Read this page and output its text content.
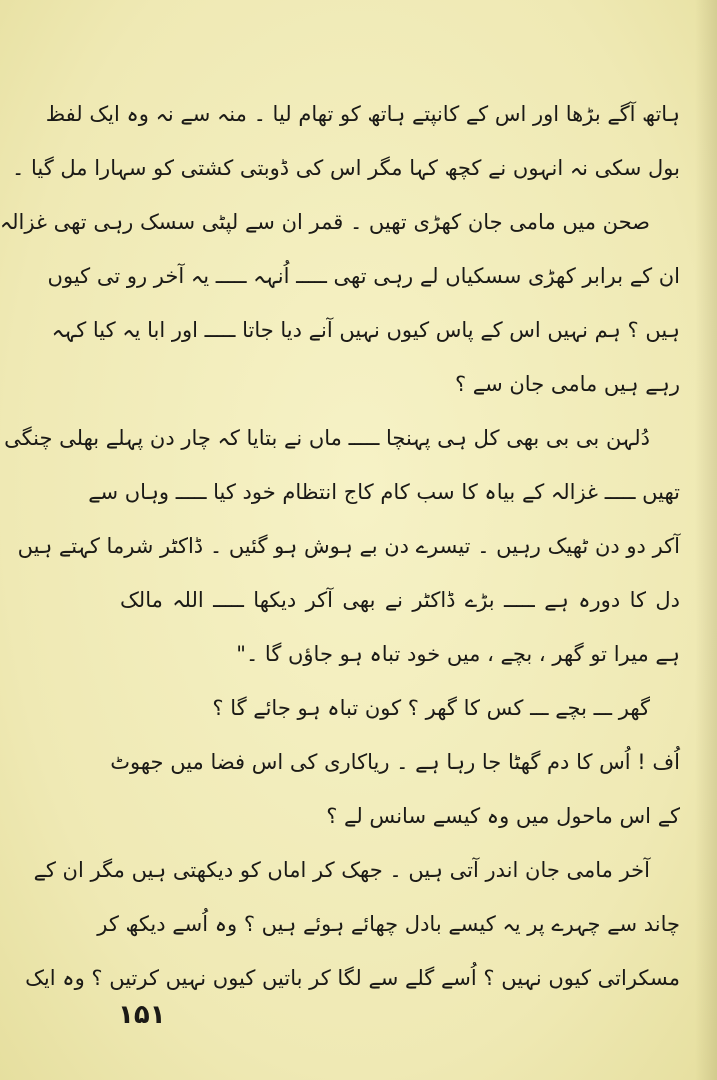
ہاتھ آگے بڑھا اور اس کے کانپتے ہاتھ کو تھام لیا ۔ منہ سے نہ وہ ایک لفظ
بول سکی نہ انہوں نے کچھ کہا مگر اس کی ڈوبتی کشتی کو سہارا مل گیا ۔
صحن میں مامی جان کھڑی تھیں ۔ قمر ان سے لپٹی سسک رہی تھی غزالہ
ان کے برابر کھڑی سسکیاں لے رہی تھی ـــــ اُنہہ ـــــ یہ آخر رو تی کیوں
ہیں ؟ ہم نہیں اس کے پاس کیوں نہیں آنے دیا جاتا ـــــ اور ابا یہ کیا کہہ
رہے ہیں مامی جان سے ؟
دُلہن بی بی بھی کل ہی پہنچا ـــــ ماں نے بتایا کہ چار دن پہلے بھلی چنگی
تھیں ـــــ غزالہ کے بیاہ کا سب کام کاج انتظام خود کیا ـــــ وہاں سے
آکر دو دن ٹھیک رہیں ۔ تیسرے دن بے ہوش ہو گئیں ۔ ڈاکٹر شرما کہتے ہیں
دل کا دورہ ہے ـــــ بڑے ڈاکٹر نے بھی آکر دیکھا ـــــ اللہ مالک
ہے میرا تو گھر ، بچے ، میں خود تباہ ہو جاؤں گا ۔"
گھر ـــ بچے ـــ کس کا گھر ؟ کون تباہ ہو جائے گا ؟
اُف ! اُس کا دم گھٹا جا رہا ہے ۔ ریاکاری کی اس فضا میں جھوٹ
کے اس ماحول میں وہ کیسے سانس لے ؟
آخر مامی جان اندر آتی ہیں ۔ جھک کر اماں کو دیکھتی ہیں مگر ان کے
چاند سے چہرے پر یہ کیسے بادل چھائے ہوئے ہیں ؟ وہ اُسے دیکھ کر
مسکراتی کیوں نہیں ؟ اُسے گلے سے لگا کر باتیں کیوں نہیں کرتیں ؟ وہ ایک
۱۵۱
